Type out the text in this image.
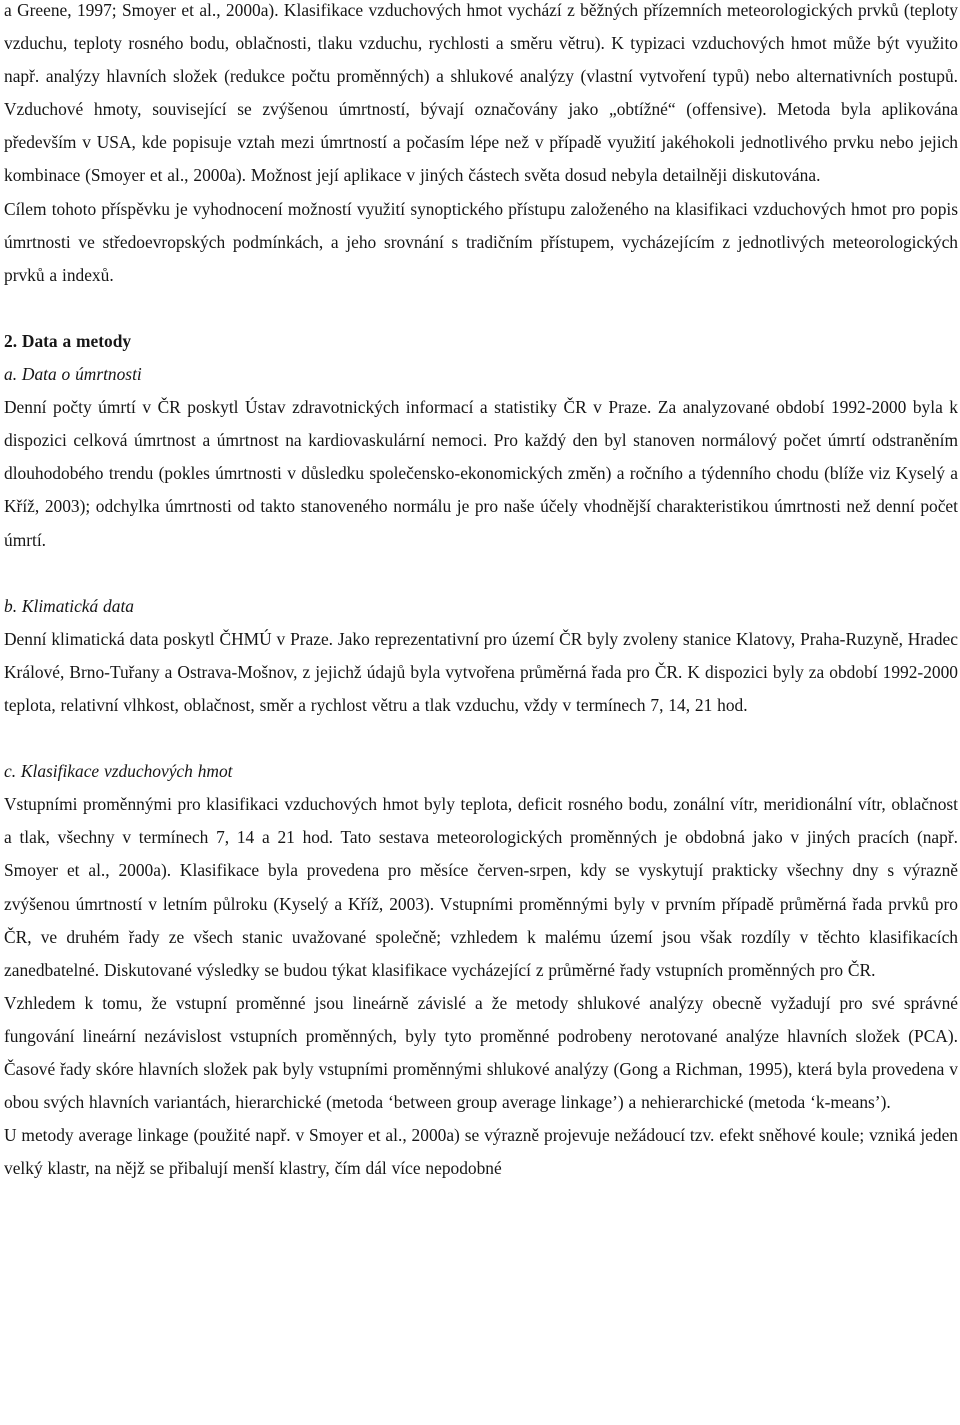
a Greene, 1997; Smoyer et al., 2000a). Klasifikace vzduchových hmot vychází z běžných přízemních meteorologických prvků (teploty vzduchu, teploty rosného bodu, oblačnosti, tlaku vzduchu, rychlosti a směru větru). K typizaci vzduchových hmot může být využito např. analýzy hlavních složek (redukce počtu proměnných) a shlukové analýzy (vlastní vytvoření typů) nebo alternativních postupů. Vzduchové hmoty, související se zvýšenou úmrtností, bývají označovány jako „obtížné“ (offensive). Metoda byla aplikována především v USA, kde popisuje vztah mezi úmrtností a počasím lépe než v případě využití jakéhokoli jednotlivého prvku nebo jejich kombinace (Smoyer et al., 2000a). Možnost její aplikace v jiných částech světa dosud nebyla detailněji diskutována.

Cílem tohoto příspěvku je vyhodnocení možností využití synoptického přístupu založeného na klasifikaci vzduchových hmot pro popis úmrtnosti ve středoevropských podmínkách, a jeho srovnání s tradičním přístupem, vycházejícím z jednotlivých meteorologických prvků a indexů.

2. Data a metody

a. Data o úmrtnosti

Denní počty úmrtí v ČR poskytl Ústav zdravotnických informací a statistiky ČR v Praze. Za analyzované období 1992-2000 byla k dispozici celková úmrtnost a úmrtnost na kardiovaskulární nemoci. Pro každý den byl stanoven normálový počet úmrtí odstraněním dlouhodobého trendu (pokles úmrtnosti v důsledku společensko-ekonomických změn) a ročního a týdenního chodu (blíže viz Kyselý a Kříž, 2003); odchylka úmrtnosti od takto stanoveného normálu je pro naše účely vhodnější charakteristikou úmrtnosti než denní počet úmrtí.

b. Klimatická data

Denní klimatická data poskytl ČHMÚ v Praze. Jako reprezentativní pro území ČR byly zvoleny stanice Klatovy, Praha-Ruzyně, Hradec Králové, Brno-Tuřany a Ostrava-Mošnov, z jejichž údajů byla vytvořena průměrná řada pro ČR. K dispozici byly za období 1992-2000 teplota, relativní vlhkost, oblačnost, směr a rychlost větru a tlak vzduchu, vždy v termínech 7, 14, 21 hod.

c. Klasifikace vzduchových hmot

Vstupními proměnnými pro klasifikaci vzduchových hmot byly teplota, deficit rosného bodu, zonální vítr, meridionální vítr, oblačnost a tlak, všechny v termínech 7, 14 a 21 hod. Tato sestava meteorologických proměnných je obdobná jako v jiných pracích (např. Smoyer et al., 2000a). Klasifikace byla provedena pro měsíce červen-srpen, kdy se vyskytují prakticky všechny dny s výrazně zvýšenou úmrtností v letním půlroku (Kyselý a Kříž, 2003). Vstupními proměnnými byly v prvním případě průměrná řada prvků pro ČR, ve druhém řady ze všech stanic uvažované společně; vzhledem k malému území jsou však rozdíly v těchto klasifikacích zanedbatelné. Diskutované výsledky se budou týkat klasifikace vycházející z průměrné řady vstupních proměnných pro ČR.

Vzhledem k tomu, že vstupní proměnné jsou lineárně závislé a že metody shlukové analýzy obecně vyžadují pro své správné fungování lineární nezávislost vstupních proměnných, byly tyto proměnné podrobeny nerotované analýze hlavních složek (PCA). Časové řady skóre hlavních složek pak byly vstupními proměnnými shlukové analýzy (Gong a Richman, 1995), která byla provedena v obou svých hlavních variantách, hierarchické (metoda ‘between group average linkage’) a nehierarchické (metoda ‘k-means’).

U metody average linkage (použité např. v Smoyer et al., 2000a) se výrazně projevuje nežádoucí tzv. efekt sněhové koule; vzniká jeden velký klastr, na nějž se přibalují menší klastry, čím dál více nepodobné
